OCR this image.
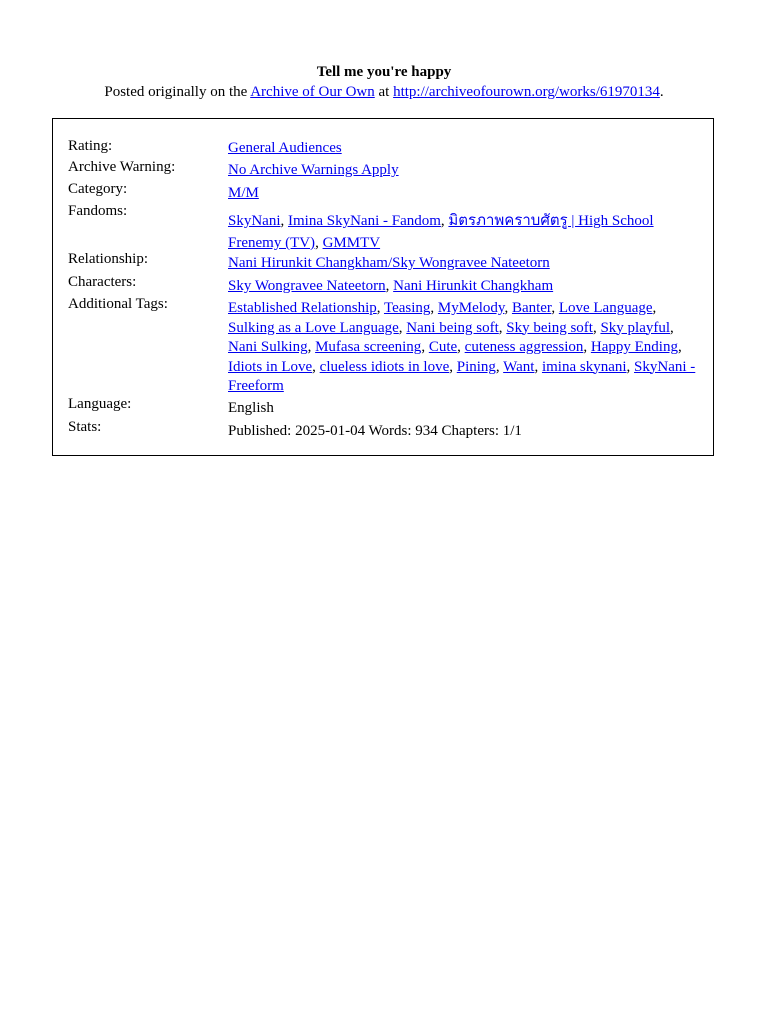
Tell me you're happy
Posted originally on the Archive of Our Own at http://archiveofourown.org/works/61970134.
Rating:	General Audiences
Archive Warning:	No Archive Warnings Apply
Category:	M/M
Fandoms:
SkyNani, Imina SkyNani - Fandom, มิตรภาพคราบศัตรู | High School Frenemy (TV), GMMTV
Relationship:	Nani Hirunkit Changkham/Sky Wongravee Nateetorn
Characters:	Sky Wongravee Nateetorn, Nani Hirunkit Changkham
Additional Tags:	Established Relationship, Teasing, MyMelody, Banter, Love Language, Sulking as a Love Language, Nani being soft, Sky being soft, Sky playful, Nani Sulking, Mufasa screening, Cute, cuteness aggression, Happy Ending, Idiots in Love, clueless idiots in love, Pining, Want, imina skynani, SkyNani - Freeform
Language:	English
Stats:	Published: 2025-01-04 Words: 934 Chapters: 1/1
